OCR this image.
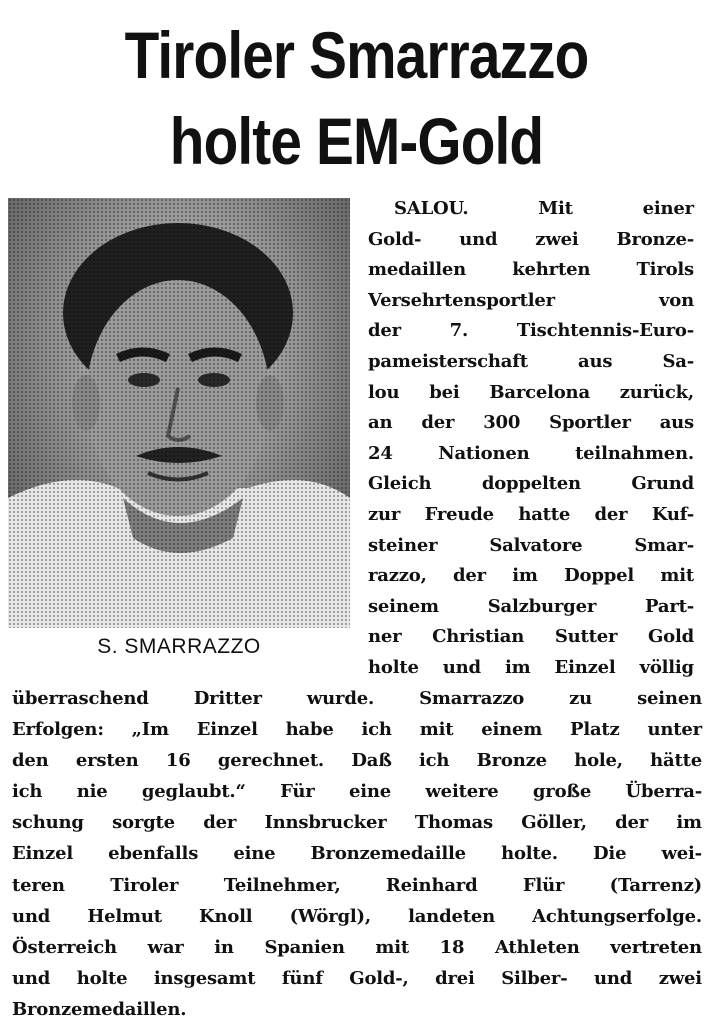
Tiroler Smarrazzo
holte EM-Gold
S. SMARRAZZO
SALOU.	Mit	einer
Gold- und zwei Bronze-
medaillen	kehrten	Tirols
Versehrtensportler	von
der	7.	Tischtennis-Euro-
pameisterschaft	aus	Sa-
lou bei Barcelona zurück,
an der 300 Sportler aus
24	Nationen	teilnahmen.
Gleich	doppelten	Grund
zur Freude hatte der Kuf-
steiner	Salvatore	Smar-
razzo, der im Doppel mit
seinem	Salzburger	Part-
ner Christian Sutter Gold
holte und im Einzel völlig
überraschend	Dritter	wurde.	Smarrazzo	zu	seinen
Erfolgen: „Im Einzel habe ich mit einem Platz unter
den ersten 16 gerechnet. Daß ich Bronze hole, hätte
ich nie geglaubt.“ Für eine weitere große Überra-
schung sorgte der Innsbrucker Thomas Göller, der im
Einzel ebenfalls eine Bronzemedaille holte. Die wei-
teren	Tiroler	Teilnehmer,	Reinhard	Flür	(Tarrenz)
und Helmut Knoll (Wörgl), landeten Achtungserfolge.
Österreich war in Spanien mit 18 Athleten vertreten
und holte insgesamt fünf Gold-, drei Silber- und zwei
Bronzemedaillen.
